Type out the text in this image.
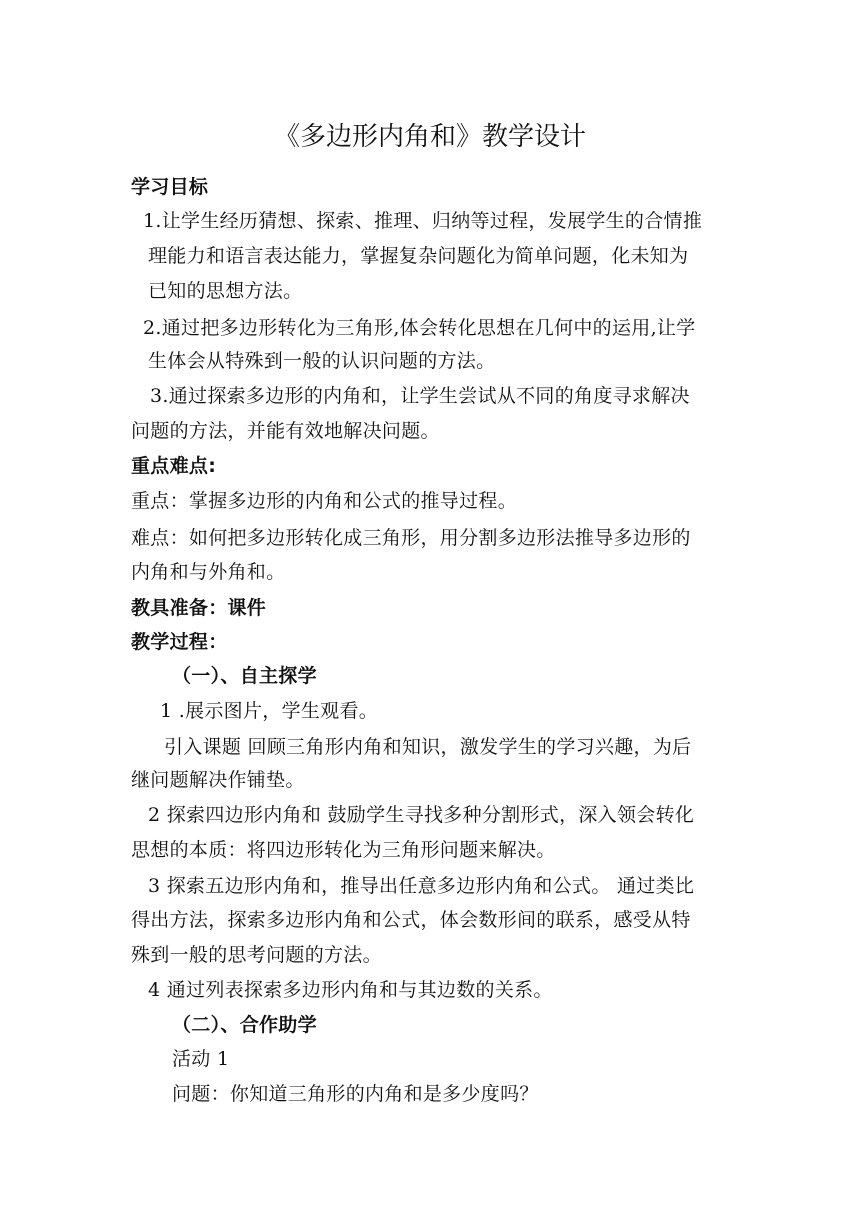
《多边形内角和》教学设计
学习目标
1.让学生经历猜想、探索、推理、归纳等过程，发展学生的合情推
理能力和语言表达能力，掌握复杂问题化为简单问题，化未知为
已知的思想方法。
2.通过把多边形转化为三角形,体会转化思想在几何中的运用,让学
生体会从特殊到一般的认识问题的方法。
3.通过探索多边形的内角和，让学生尝试从不同的角度寻求解决
问题的方法，并能有效地解决问题。
重点难点:
重点：掌握多边形的内角和公式的推导过程。
难点：如何把多边形转化成三角形，用分割多边形法推导多边形的
内角和与外角和。
教具准备：课件
教学过程：
（一）、自主探学
1 .展示图片，学生观看。
引入课题 回顾三角形内角和知识，激发学生的学习兴趣，为后
继问题解决作铺垫。
2 探索四边形内角和 鼓励学生寻找多种分割形式，深入领会转化
思想的本质：将四边形转化为三角形问题来解决。
3 探索五边形内角和，推导出任意多边形内角和公式。 通过类比
得出方法，探索多边形内角和公式，体会数形间的联系，感受从特
殊到一般的思考问题的方法。
4 通过列表探索多边形内角和与其边数的关系。
（二）、合作助学
活动 1
问题：你知道三角形的内角和是多少度吗？
